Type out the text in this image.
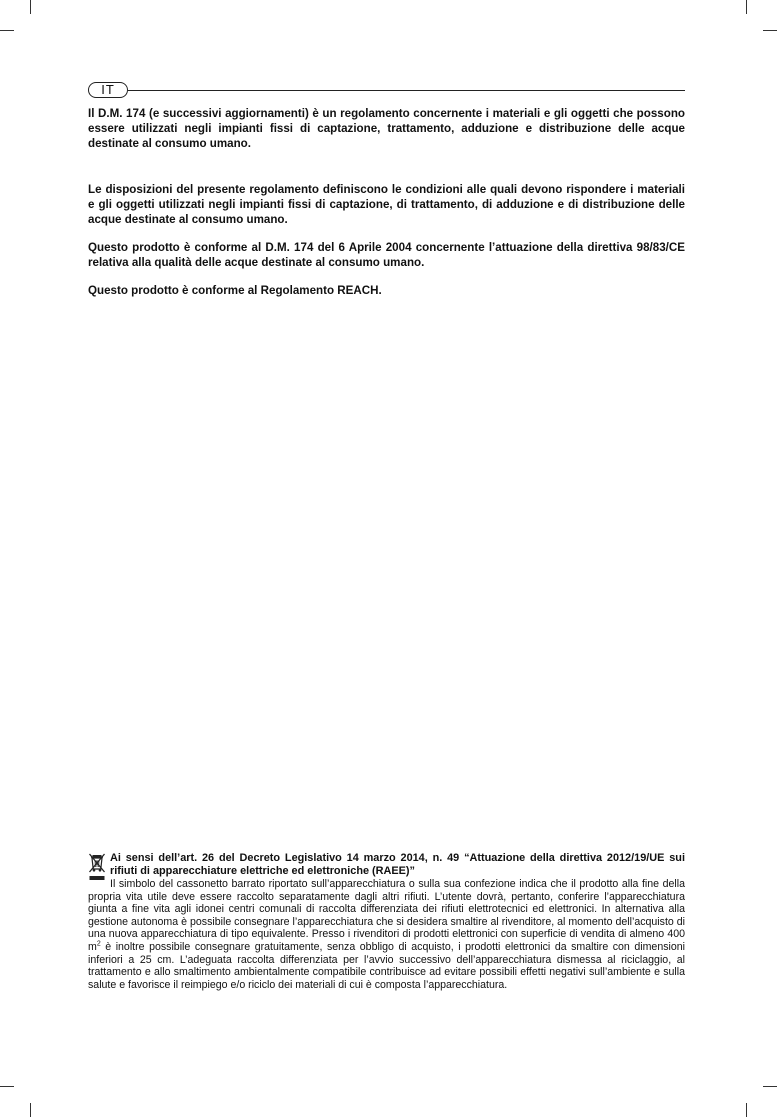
IT

Il D.M. 174 (e successivi aggiornamenti) è un regolamento concernente i materiali e gli oggetti che possono essere utilizzati negli impianti fissi di captazione, trattamento, adduzione e distribuzione delle acque destinate al consumo umano.

Le disposizioni del presente regolamento definiscono le condizioni alle quali devono rispondere i materiali e gli oggetti utilizzati negli impianti fissi di captazione, di trattamento, di adduzione e di distribuzione delle acque destinate al consumo umano.

Questo prodotto è conforme al D.M. 174 del 6 Aprile 2004 concernente l’attuazione della direttiva 98/83/CE relativa alla qualità delle acque destinate al consumo umano.

Questo prodotto è conforme al Regolamento REACH.

Ai sensi dell’art. 26 del Decreto Legislativo 14 marzo 2014, n. 49 “Attuazione della direttiva 2012/19/UE sui rifiuti di apparecchiature elettriche ed elettroniche (RAEE)”

Il simbolo del cassonetto barrato riportato sull’apparecchiatura o sulla sua confezione indica che il prodotto alla fine della propria vita utile deve essere raccolto separatamente dagli altri rifiuti. L’utente dovrà, pertanto, conferire l’apparecchiatura giunta a fine vita agli idonei centri comunali di raccolta differenziata dei rifiuti elettrotecnici ed elettronici. In alternativa alla gestione autonoma è possibile consegnare l’apparecchiatura che si desidera smaltire al rivenditore, al momento dell’acquisto di una nuova apparecchiatura di tipo equivalente. Presso i rivenditori di prodotti elettronici con superficie di vendita di almeno 400 $m^2$ è inoltre possibile consegnare gratuitamente, senza obbligo di acquisto, i prodotti elettronici da smaltire con dimensioni inferiori a 25 cm. L’adeguata raccolta differenziata per l’avvio successivo dell’apparecchiatura dismessa al riciclaggio, al trattamento e allo smaltimento ambientalmente compatibile contribuisce ad evitare possibili effetti negativi sull’ambiente e sulla salute e favorisce il reimpiego e/o riciclo dei materiali di cui è composta l’apparecchiatura.
